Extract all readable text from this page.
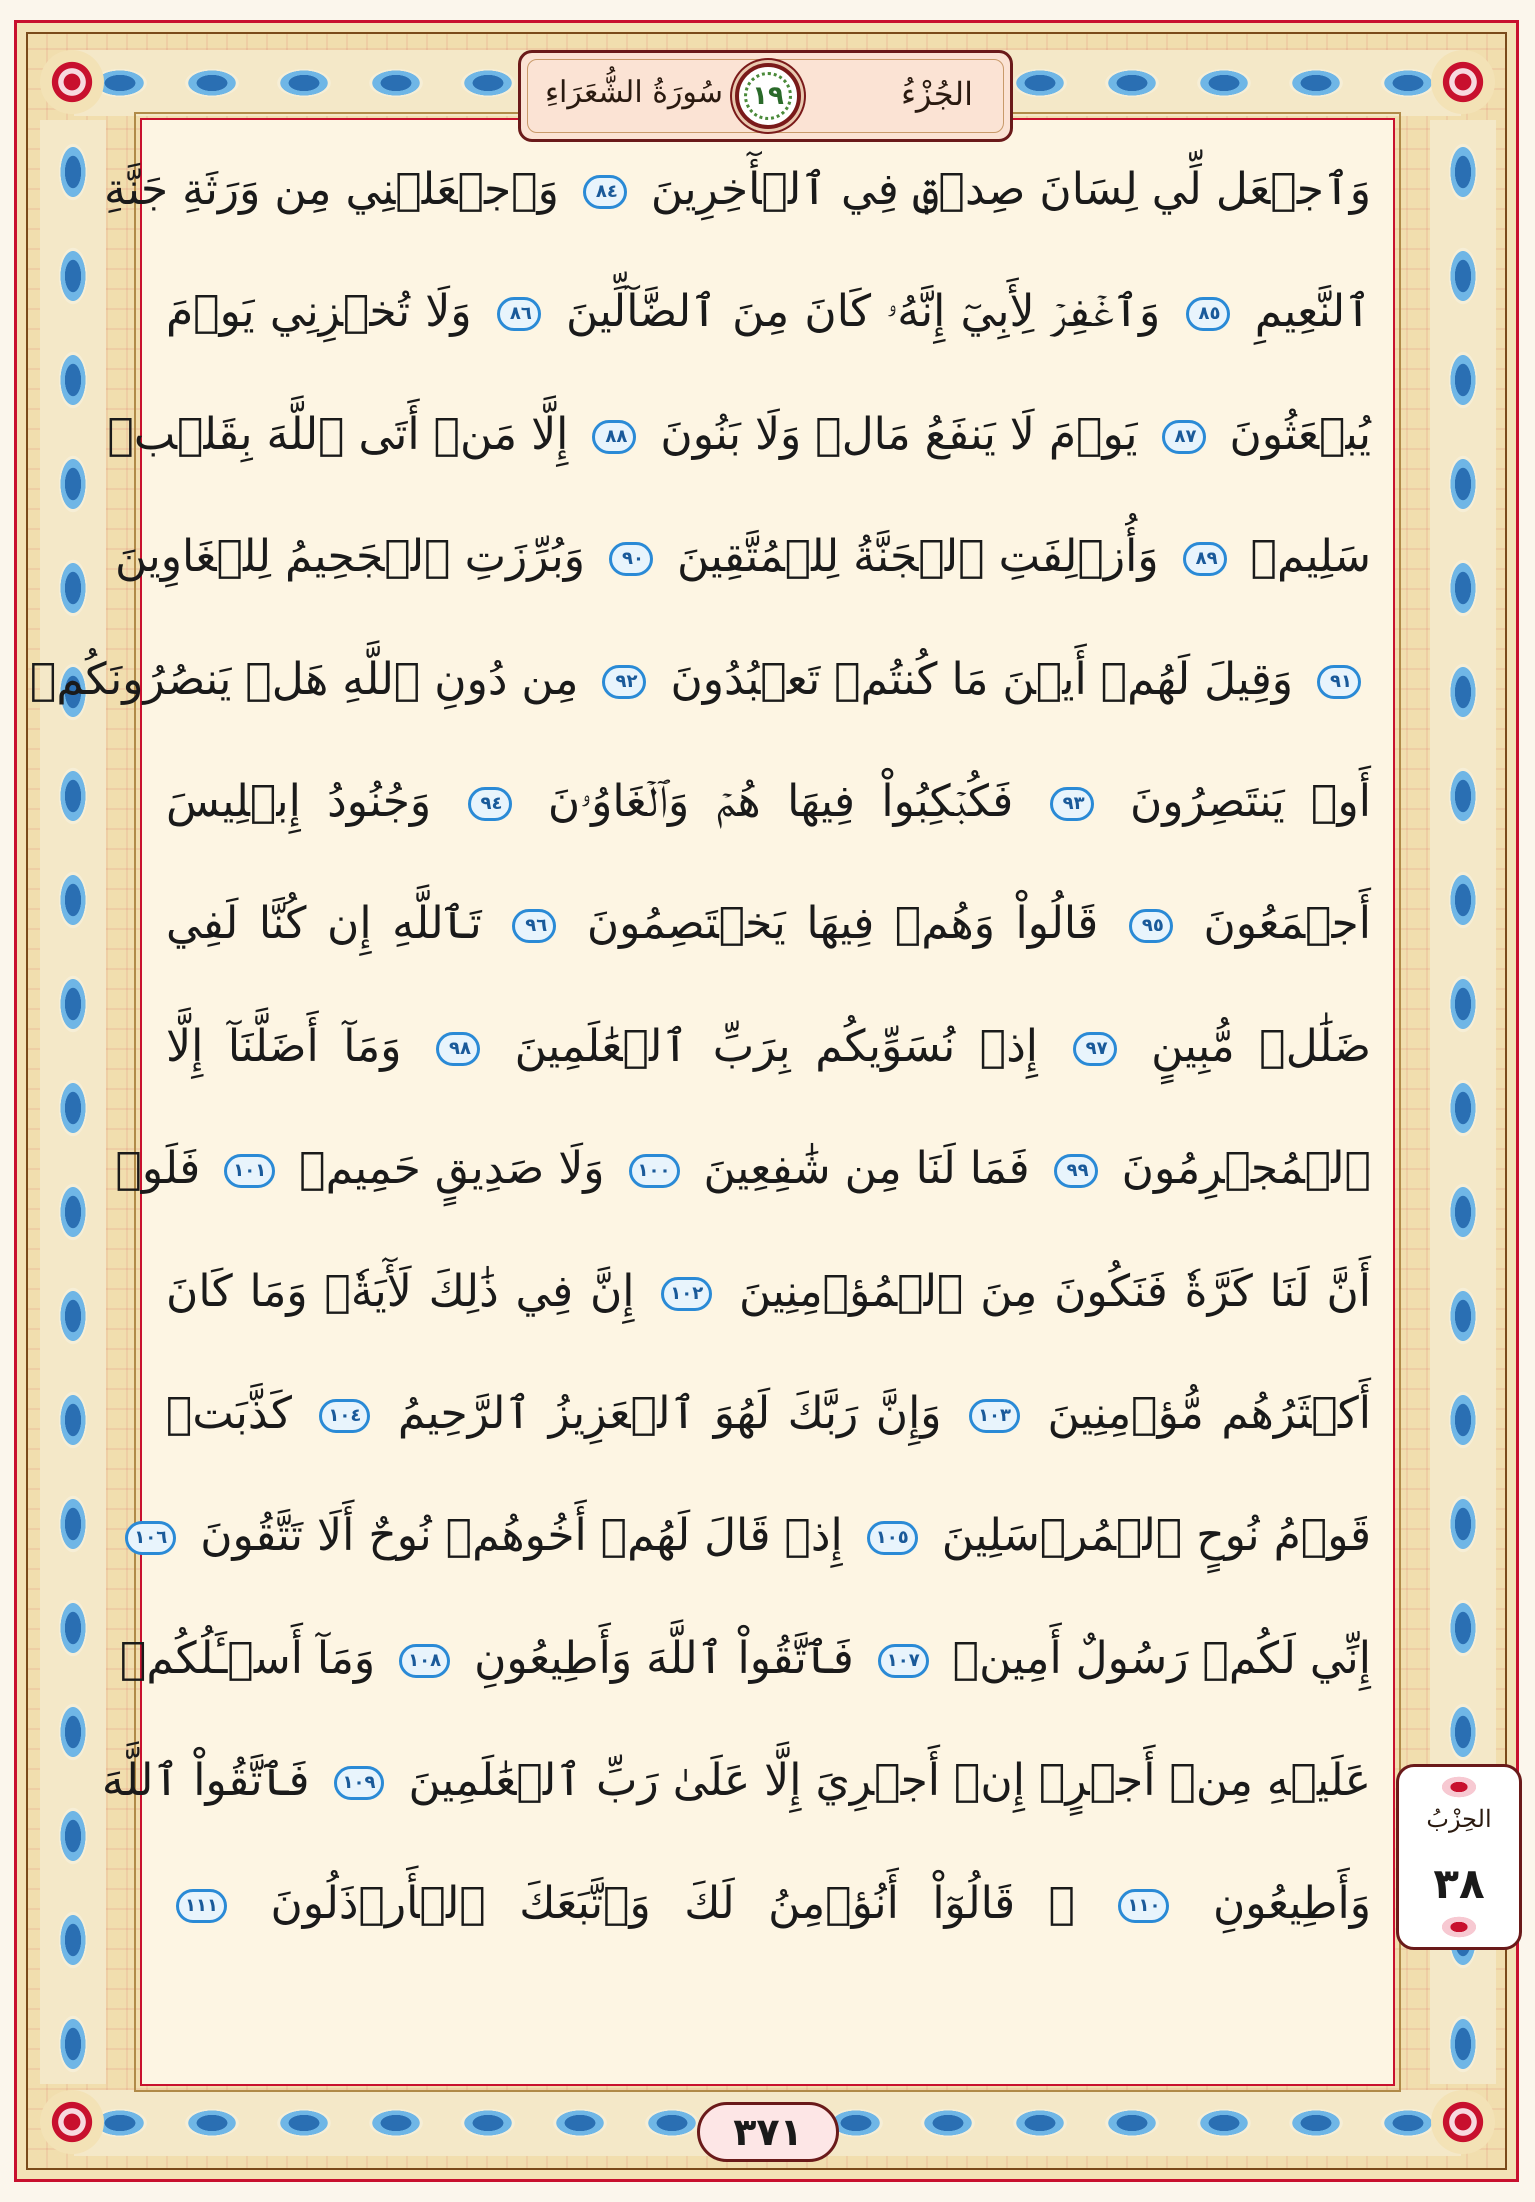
سُورَةُ الشُّعَرَاءِ	١٩	الجُزْءُ
وَٱجۡعَل لِّي لِسَانَ صِدۡقٖ فِي ٱلۡأٓخِرِينَ ٨٤ وَٱجۡعَلۡنِي مِن وَرَثَةِ جَنَّةِ
ٱلنَّعِيمِ ٨٥ وَٱغۡفِرۡ لِأَبِيٓ إِنَّهُۥ كَانَ مِنَ ٱلضَّآلِّينَ ٨٦ وَلَا تُخۡزِنِي يَوۡمَ
يُبۡعَثُونَ ٨٧ يَوۡمَ لَا يَنفَعُ مَالٞ وَلَا بَنُونَ ٨٨ إِلَّا مَنۡ أَتَى ٱللَّهَ بِقَلۡبٖ
سَلِيمٖ ٨٩ وَأُزۡلِفَتِ ٱلۡجَنَّةُ لِلۡمُتَّقِينَ ٩٠ وَبُرِّزَتِ ٱلۡجَحِيمُ لِلۡغَاوِينَ
٩١ وَقِيلَ لَهُمۡ أَيۡنَ مَا كُنتُمۡ تَعۡبُدُونَ ٩٢ مِن دُونِ ٱللَّهِ هَلۡ يَنصُرُونَكُمۡ
أَوۡ يَنتَصِرُونَ ٩٣ فَكُبۡكِبُواْ فِيهَا هُمۡ وَٱلۡغَاوُۥنَ ٩٤ وَجُنُودُ إِبۡلِيسَ
أَجۡمَعُونَ ٩٥ قَالُواْ وَهُمۡ فِيهَا يَخۡتَصِمُونَ ٩٦ تَٱللَّهِ إِن كُنَّا لَفِي
ضَلَٰلٖ مُّبِينٍ ٩٧ إِذۡ نُسَوِّيكُم بِرَبِّ ٱلۡعَٰلَمِينَ ٩٨ وَمَآ أَضَلَّنَآ إِلَّا
ٱلۡمُجۡرِمُونَ ٩٩ فَمَا لَنَا مِن شَٰفِعِينَ ١٠٠ وَلَا صَدِيقٍ حَمِيمٖ ١٠١ فَلَوۡ
أَنَّ لَنَا كَرَّةٗ فَنَكُونَ مِنَ ٱلۡمُؤۡمِنِينَ ١٠٢ إِنَّ فِي ذَٰلِكَ لَأٓيَةٗۖ وَمَا كَانَ
أَكۡثَرُهُم مُّؤۡمِنِينَ ١٠٣ وَإِنَّ رَبَّكَ لَهُوَ ٱلۡعَزِيزُ ٱلرَّحِيمُ ١٠٤ كَذَّبَتۡ
قَوۡمُ نُوحٍ ٱلۡمُرۡسَلِينَ ١٠٥ إِذۡ قَالَ لَهُمۡ أَخُوهُمۡ نُوحٌ أَلَا تَتَّقُونَ ١٠٦
إِنِّي لَكُمۡ رَسُولٌ أَمِينٞ ١٠٧ فَٱتَّقُواْ ٱللَّهَ وَأَطِيعُونِ ١٠٨ وَمَآ أَسۡـَٔلُكُمۡ
عَلَيۡهِ مِنۡ أَجۡرٍۖ إِنۡ أَجۡرِيَ إِلَّا عَلَىٰ رَبِّ ٱلۡعَٰلَمِينَ ١٠٩ فَٱتَّقُواْ ٱللَّهَ
وَأَطِيعُونِ ١١٠ ۞ قَالُوٓاْ أَنُؤۡمِنُ لَكَ وَٱتَّبَعَكَ ٱلۡأَرۡذَلُونَ ١١١
الحِزْبُ
٣٨
٣٧١
